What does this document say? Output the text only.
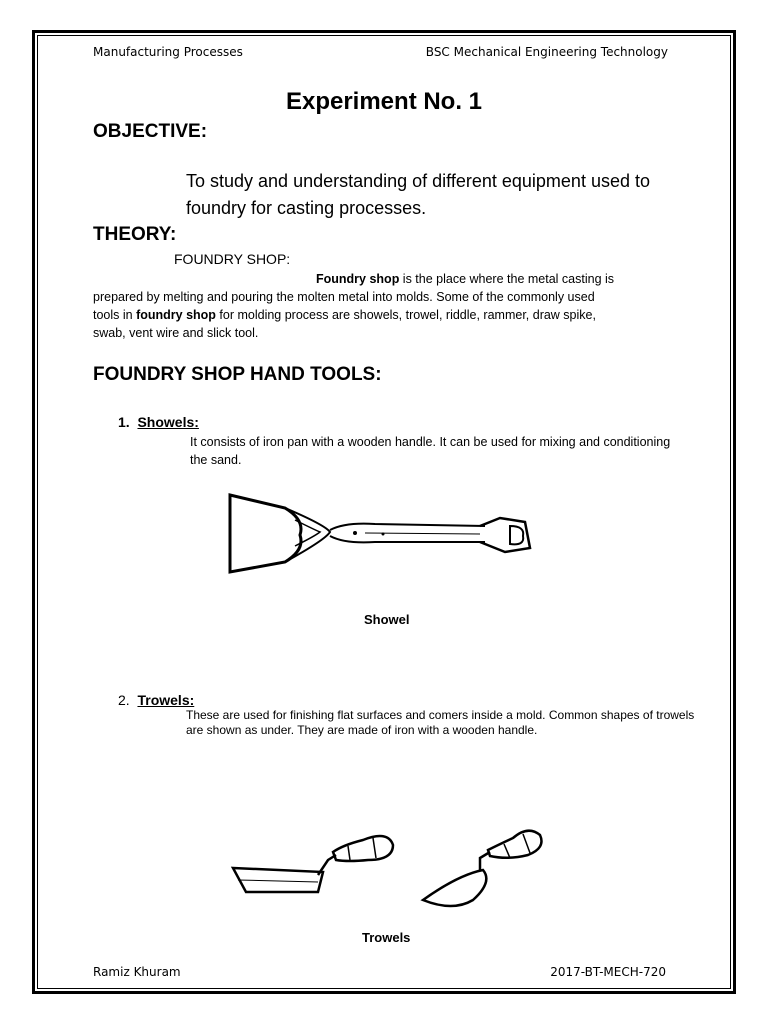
Manufacturing Processes	BSC Mechanical Engineering Technology
Experiment No. 1
OBJECTIVE:
To study and understanding of different equipment used to foundry for casting processes.
THEORY:
FOUNDRY SHOP:
Foundry shop is the place where the metal casting is
prepared by melting and pouring the molten metal into molds. Some of the commonly used
tools in foundry shop for molding process are showels, trowel, riddle, rammer, draw spike,
swab, vent wire and slick tool.
FOUNDRY SHOP HAND TOOLS:
1. Showels:
It consists of iron pan with a wooden handle. It can be used for mixing and conditioning the sand.
Showel
2. Trowels:
These are used for finishing flat surfaces and comers inside a mold. Common shapes of trowels are shown as under. They are made of iron with a wooden handle.
Trowels
Ramiz Khuram	2017-BT-MECH-720
